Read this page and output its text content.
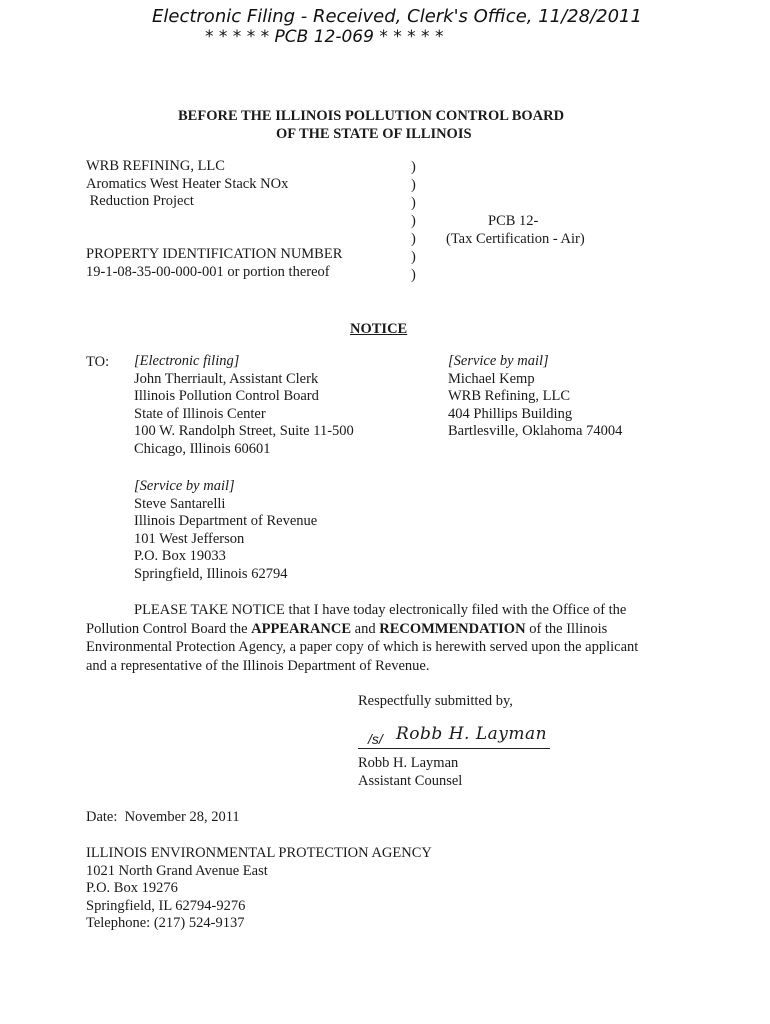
Electronic Filing - Received, Clerk's Office, 11/28/2011
* * * * * PCB 12-069 * * * * *
BEFORE THE ILLINOIS POLLUTION CONTROL BOARD
OF THE STATE OF ILLINOIS
WRB REFINING, LLC
Aromatics West Heater Stack NOx
Reduction Project

PROPERTY IDENTIFICATION NUMBER
19-1-08-35-00-000-001 or portion thereof
)
)
)
)
)
)
)
PCB 12-
(Tax Certification - Air)
NOTICE
TO: [Electronic filing]
John Therriault, Assistant Clerk
Illinois Pollution Control Board
State of Illinois Center
100 W. Randolph Street, Suite 11-500
Chicago, Illinois 60601
[Service by mail]
Michael Kemp
WRB Refining, LLC
404 Phillips Building
Bartlesville, Oklahoma 74004
[Service by mail]
Steve Santarelli
Illinois Department of Revenue
101 West Jefferson
P.O. Box 19033
Springfield, Illinois 62794
PLEASE TAKE NOTICE that I have today electronically filed with the Office of the
Pollution Control Board the APPEARANCE and RECOMMENDATION of the Illinois
Environmental Protection Agency, a paper copy of which is herewith served upon the applicant
and a representative of the Illinois Department of Revenue.
Respectfully submitted by,
/s/ Robb H. Layman
Robb H. Layman
Assistant Counsel
Date:  November 28, 2011
ILLINOIS ENVIRONMENTAL PROTECTION AGENCY
1021 North Grand Avenue East
P.O. Box 19276
Springfield, IL 62794-9276
Telephone: (217) 524-9137
